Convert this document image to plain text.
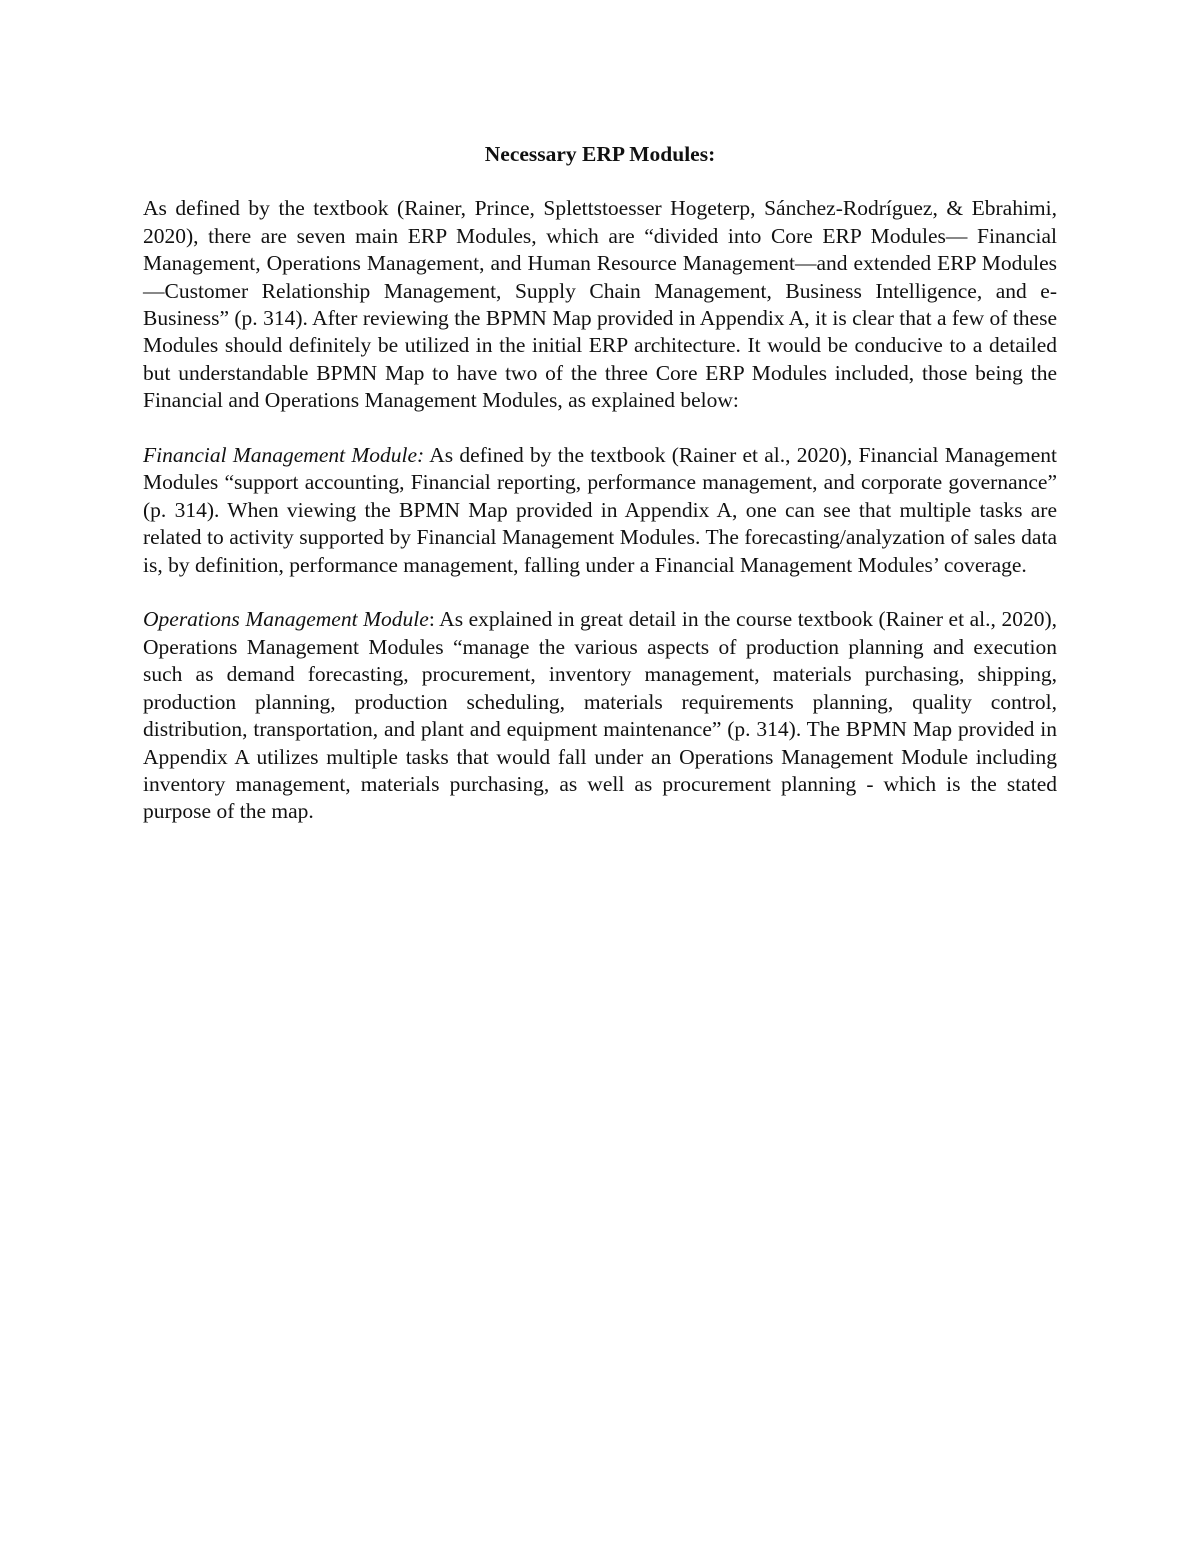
Necessary ERP Modules:

As defined by the textbook (Rainer, Prince, Splettstoesser Hogeterp, Sánchez-Rodríguez, & Ebrahimi, 2020), there are seven main ERP Modules, which are “divided into Core ERP Modules— Financial Management, Operations Management, and Human Resource Management—and extended ERP Modules—Customer Relationship Management, Supply Chain Management, Business Intelligence, and e-Business” (p. 314). After reviewing the BPMN Map provided in Appendix A, it is clear that a few of these Modules should definitely be utilized in the initial ERP architecture. It would be conducive to a detailed but understandable BPMN Map to have two of the three Core ERP Modules included, those being the Financial and Operations Management Modules, as explained below:

Financial Management Module: As defined by the textbook (Rainer et al., 2020), Financial Management Modules “support accounting, Financial reporting, performance management, and corporate governance” (p. 314). When viewing the BPMN Map provided in Appendix A, one can see that multiple tasks are related to activity supported by Financial Management Modules. The forecasting/analyzation of sales data is, by definition, performance management, falling under a Financial Management Modules’ coverage.

Operations Management Module: As explained in great detail in the course textbook (Rainer et al., 2020), Operations Management Modules “manage the various aspects of production planning and execution such as demand forecasting, procurement, inventory management, materials purchasing, shipping, production planning, production scheduling, materials requirements planning, quality control, distribution, transportation, and plant and equipment maintenance” (p. 314). The BPMN Map provided in Appendix A utilizes multiple tasks that would fall under an Operations Management Module including inventory management, materials purchasing, as well as procurement planning - which is the stated purpose of the map.
